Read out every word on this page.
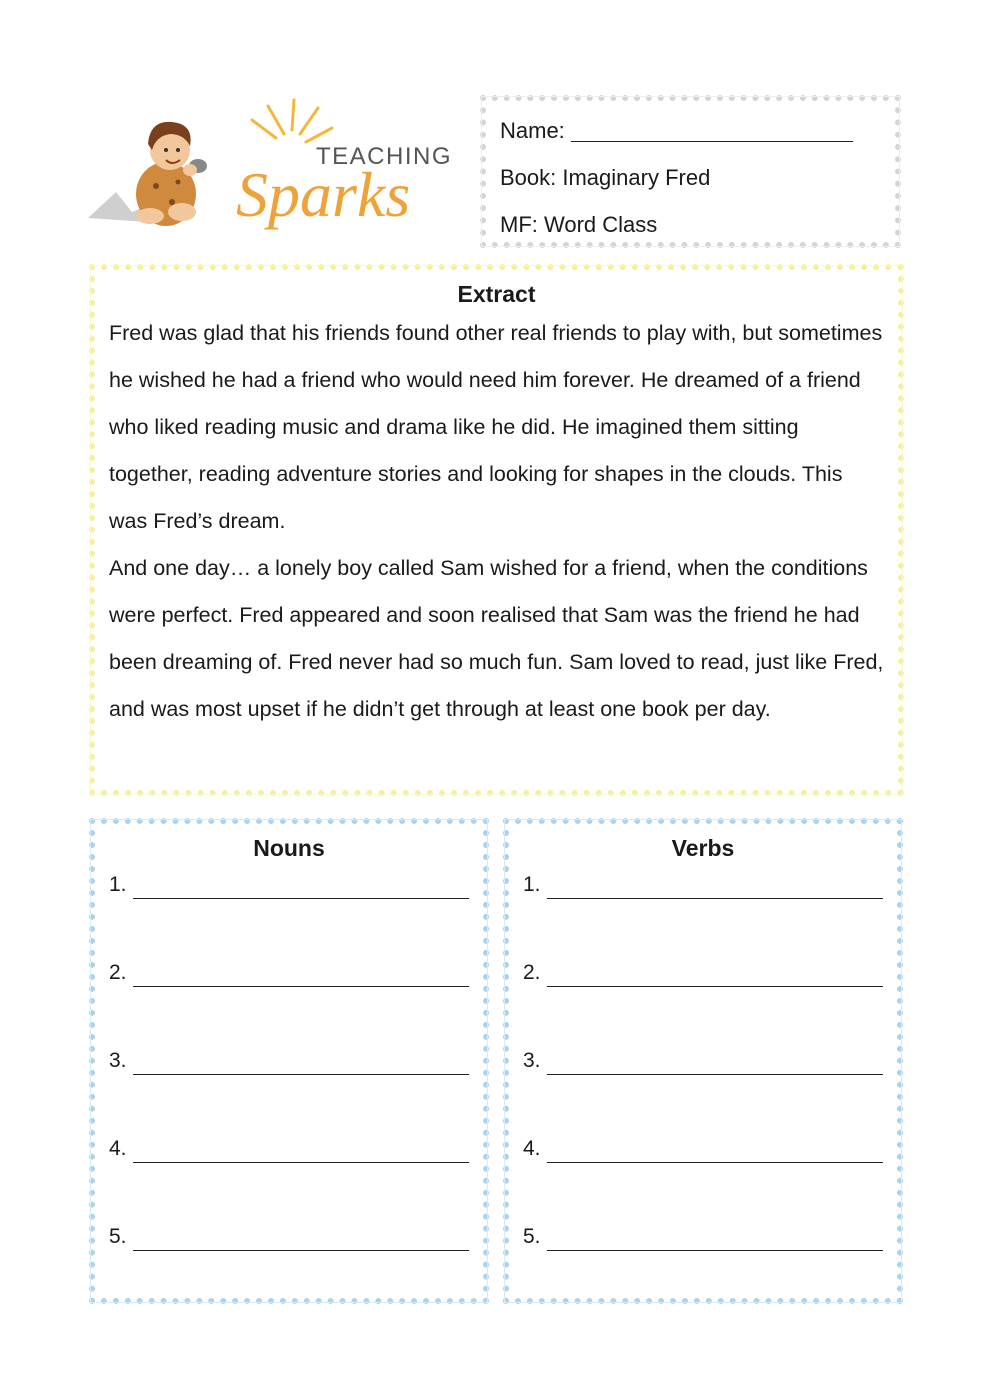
TEACHING
Sparks
Name:
Book: Imaginary Fred
MF: Word Class
Extract

Fred was glad that his friends found other real friends to play with, but sometimes he wished he had a friend who would need him forever. He dreamed of a friend who liked reading music and drama like he did. He imagined them sitting together, reading adventure stories and looking for shapes in the clouds. This was Fred’s dream.

And one day… a lonely boy called Sam wished for a friend, when the conditions were perfect. Fred appeared and soon realised that Sam was the friend he had been dreaming of. Fred never had so much fun. Sam loved to read, just like Fred, and was most upset if he didn’t get through at least one book per day.

Nouns
1.
2.
3.
4.
5.
Verbs
1.
2.
3.
4.
5.
